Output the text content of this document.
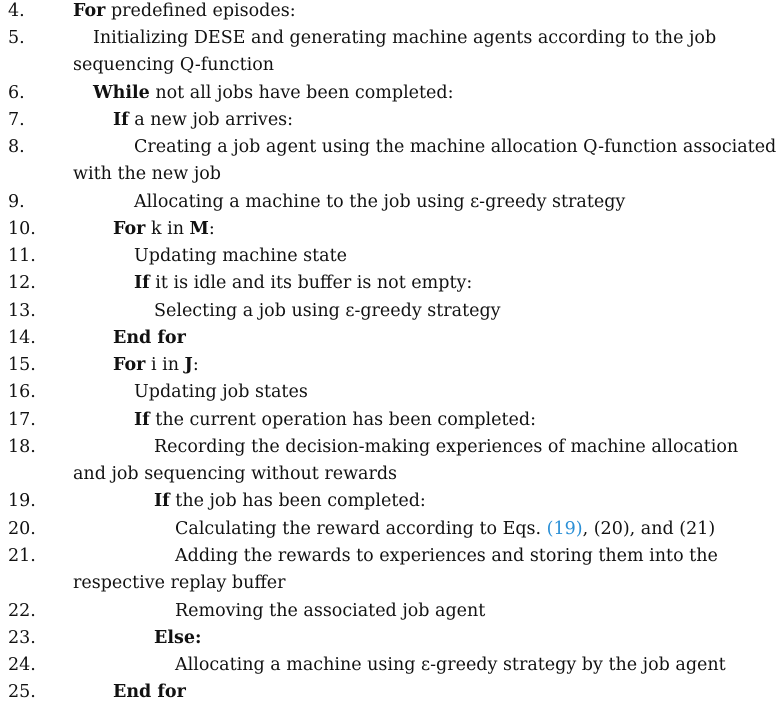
4.	For predefined episodes:
5.	Initializing DESE and generating machine agents according to the job
sequencing Q-function
6.	While not all jobs have been completed:
7.	If a new job arrives:
8.	Creating a job agent using the machine allocation Q-function associated
with the new job
9.	Allocating a machine to the job using ε-greedy strategy
10.	For k in M:
11.	Updating machine state
12.	If it is idle and its buffer is not empty:
13.	Selecting a job using ε-greedy strategy
14.	End for
15.	For i in J:
16.	Updating job states
17.	If the current operation has been completed:
18.	Recording the decision-making experiences of machine allocation
and job sequencing without rewards
19.	If the job has been completed:
20.	Calculating the reward according to Eqs. (19), (20), and (21)
21.	Adding the rewards to experiences and storing them into the
respective replay buffer
22.	Removing the associated job agent
23.	Else:
24.	Allocating a machine using ε-greedy strategy by the job agent
25.	End for
